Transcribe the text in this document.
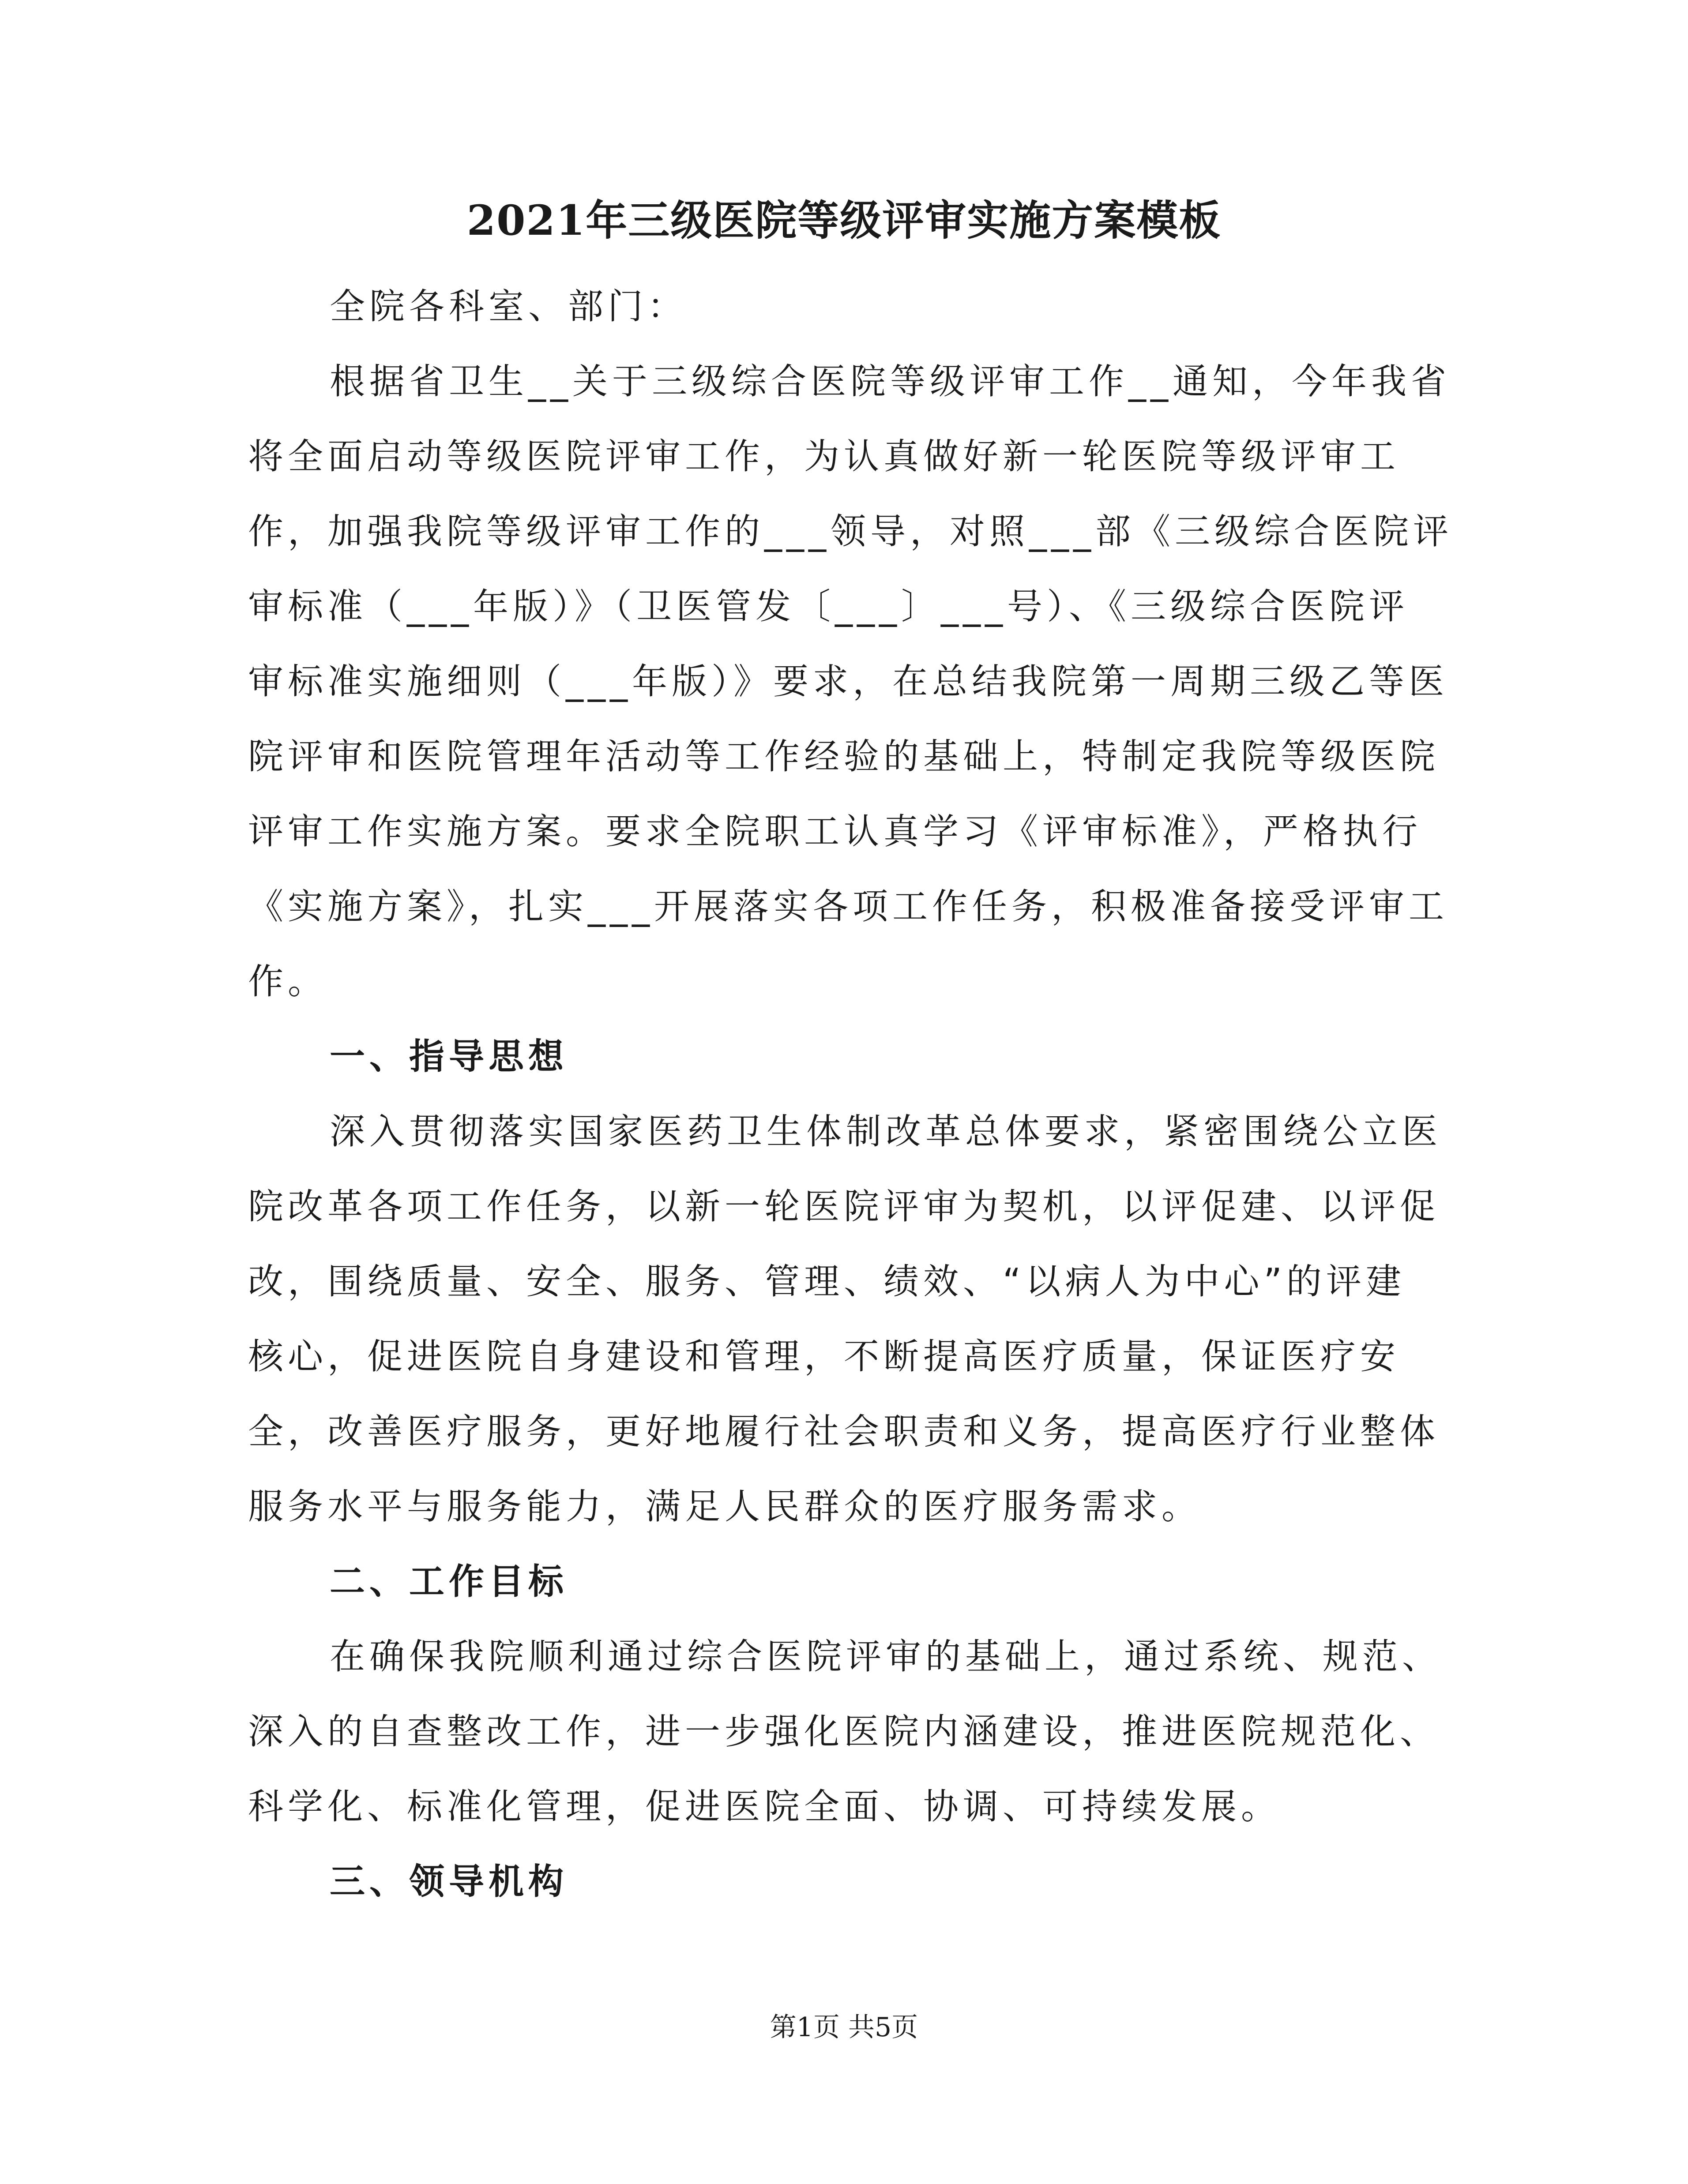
2021年三级医院等级评审实施方案模板
全院各科室、部门：
根据省卫生__关于三级综合医院等级评审工作__通知，今年我省
将全面启动等级医院评审工作，为认真做好新一轮医院等级评审工
作，加强我院等级评审工作的___领导，对照___部《三级综合医院评
审标准（___年版）》（卫医管发〔___〕___号）、《三级综合医院评
审标准实施细则（___年版）》要求，在总结我院第一周期三级乙等医
院评审和医院管理年活动等工作经验的基础上，特制定我院等级医院
评审工作实施方案。要求全院职工认真学习《评审标准》，严格执行
《实施方案》，扎实___开展落实各项工作任务，积极准备接受评审工
作。
一、指导思想
深入贯彻落实国家医药卫生体制改革总体要求，紧密围绕公立医
院改革各项工作任务，以新一轮医院评审为契机，以评促建、以评促
改，围绕质量、安全、服务、管理、绩效、“以病人为中心”的评建
核心，促进医院自身建设和管理，不断提高医疗质量，保证医疗安
全，改善医疗服务，更好地履行社会职责和义务，提高医疗行业整体
服务水平与服务能力，满足人民群众的医疗服务需求。
二、工作目标
在确保我院顺利通过综合医院评审的基础上，通过系统、规范、
深入的自查整改工作，进一步强化医院内涵建设，推进医院规范化、
科学化、标准化管理，促进医院全面、协调、可持续发展。
三、领导机构
第1页 共5页
